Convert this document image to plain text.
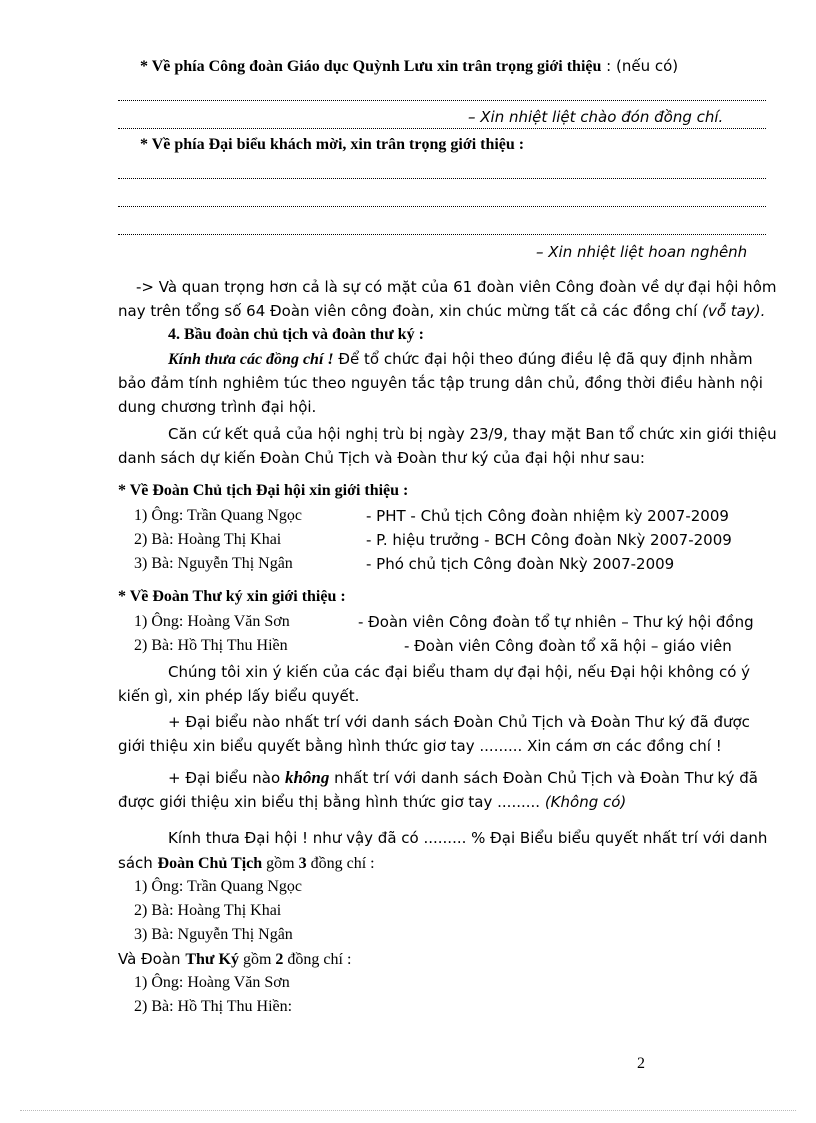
* Về phía Công đoàn Giáo dục Quỳnh Lưu xin trân trọng giới thiệu : (nếu có)
– Xin nhiệt liệt chào đón đồng chí.
* Về phía Đại biểu khách mời, xin trân trọng giới thiệu :
– Xin nhiệt liệt hoan nghênh
-> Và quan trọng hơn cả là sự có mặt của 61 đoàn viên Công đoàn về dự đại hội hôm
nay trên tổng số 64 Đoàn viên công đoàn, xin chúc mừng tất cả các đồng chí (vỗ tay).
4. Bầu đoàn chủ tịch và đoàn thư ký :
Kính thưa các đồng chí ! Để tổ chức đại hội theo đúng điều lệ đã quy định nhằm
bảo đảm tính nghiêm túc theo nguyên tắc tập trung dân chủ, đồng thời điều hành nội
dung chương trình đại hội.
Căn cứ kết quả của hội nghị trù bị ngày 23/9, thay mặt Ban tổ chức xin giới thiệu
danh sách dự kiến Đoàn Chủ Tịch và Đoàn thư ký của đại hội như sau:
* Về Đoàn Chủ tịch Đại hội xin giới thiệu :
1) Ông: Trần Quang Ngọc	- PHT - Chủ tịch Công đoàn nhiệm kỳ 2007-2009
2) Bà: Hoàng Thị Khai	- P. hiệu trưởng - BCH Công đoàn Nkỳ 2007-2009
3) Bà: Nguyễn Thị Ngân	- Phó chủ tịch Công đoàn Nkỳ 2007-2009
* Về Đoàn Thư ký xin giới thiệu :
1) Ông: Hoàng Văn Sơn	- Đoàn viên Công đoàn tổ tự nhiên – Thư ký hội đồng
2) Bà: Hồ Thị Thu Hiền	- Đoàn viên Công đoàn tổ xã hội – giáo viên
Chúng tôi xin ý kiến của các đại biểu tham dự đại hội, nếu Đại hội không có ý
kiến gì, xin phép lấy biểu quyết.
+ Đại biểu nào nhất trí với danh sách Đoàn Chủ Tịch và Đoàn Thư ký đã được
giới thiệu xin biểu quyết bằng hình thức giơ tay ......... Xin cám ơn các đồng chí !
+ Đại biểu nào không nhất trí với danh sách Đoàn Chủ Tịch và Đoàn Thư ký đã
được giới thiệu xin biểu thị bằng hình thức giơ tay ......... (Không có)
Kính thưa Đại hội ! như vậy đã có ......... % Đại Biểu biểu quyết nhất trí với danh
sách Đoàn Chủ Tịch gồm 3 đồng chí :
1) Ông: Trần Quang Ngọc
2) Bà: Hoàng Thị Khai
3) Bà: Nguyễn Thị Ngân
Và Đoàn Thư Ký gồm 2 đồng chí :
1) Ông: Hoàng Văn Sơn
2) Bà: Hồ Thị Thu Hiền:
2
